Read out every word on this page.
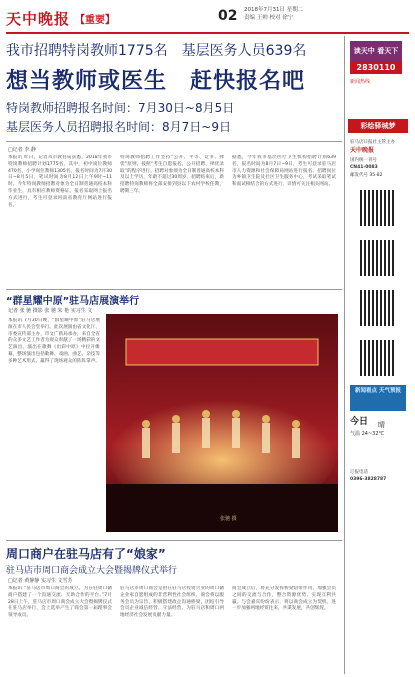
天中晚报 【重要】	02 2018年7月31日 星期二
责编 王帅 校对 徐宁
我市招聘特岗教师1775名　基层医务人员639名
想当教师或医生　赶快报名吧
特岗教师招聘报名时间：7月30日~8月5日
基层医务人员招聘报名时间：8月7日~9日
□记者 李 静
本报讯 昨日，记者从市教育局获悉，2018年我市特岗教师招聘计划1775名，其中，初中岗位教师470名，小学岗位教师1305名。报名时间为7月30日~8月5日，笔试时间为8月12日上午9时~11时。今年特岗教师招聘对象为全日制普通高校本科毕业生，具有相应教师资格证。报名采取网上报名方式进行，考生可登录河南省教育厅网站进行报名。
特岗教师招聘工作坚持“公开、平等、竞争、择优”原则，按照“考生自愿报名、公开招聘、择优录取”的程序进行。招聘对象须为全日制普通高校本科及以上学历，年龄不超过30周岁。招聘结束后，新招聘特岗教师将全部安排到县以下农村学校任教，聘期三年。
据悉，今年我市基层医疗卫生机构招聘计划639名，报名时间为8月7日~9日，考生可登录驻马店市人力资源和社会保障局网站进行报名。招聘岗位为乡镇卫生院及社区卫生服务中心，考试采取笔试和面试相结合的方式进行，详情可关注相关网站。
“群星耀中原”驻马店展演举行
记者 张 驰 摄影 张 驰 朱 艳 实习生 文
本报讯 7月30日晚，“群星耀中原”驻马店展演在市人民会堂举行。此次展演由省文化厅、市委宣传部主办，市文广新局承办，来自全省的众多文艺工作者为观众奉献了一场精彩的文艺演出。演出在歌舞《出彩中原》中拉开帷幕，整场演出包括歌舞、戏曲、曲艺、杂技等多种艺术形式，赢得了现场观众的阵阵掌声。
张驰 摄
周口商户在驻马店有了“娘家”
驻马店市周口商会成立大会暨揭牌仪式举行
□记者 黄静静 实习生 文雪芳
本报讯 “驻马店市周口商会的成立，为在驻周口籍商户搭建了一个沟通交流、互助合作的平台。”7月28日上午，驻马店市周口商会成立大会暨揭牌仪式在驻马店举行，会上选举产生了商会第一届理事会领导成员。
驻马店市周口商会是由在驻马店投资兴业的周口籍企业家自愿组成的非营利性社会组织，商会将以服务会员为宗旨，积极搭建政企沟通桥梁，团结引导会员企业诚信经营、守法经营，为驻马店和周口两地经济社会发展贡献力量。
商会成立后，将充分发挥桥梁纽带作用，加强会员之间的交流与合作，整合资源优势，实现互利共赢。与会嘉宾纷纷表示，将以商会成立为契机，进一步加强两地经贸往来，共谋发展，共创辉煌。
读天中 看天下
2830110
新闻热线
彩绘驿城梦
驻马店日报社主管主办
天中晚报
国内统一刊号
CN41-0083
邮发代号 35-82
新闻看点 天气预报
今日 晴
气温 24~32℃
订报电话
0396-3828787
